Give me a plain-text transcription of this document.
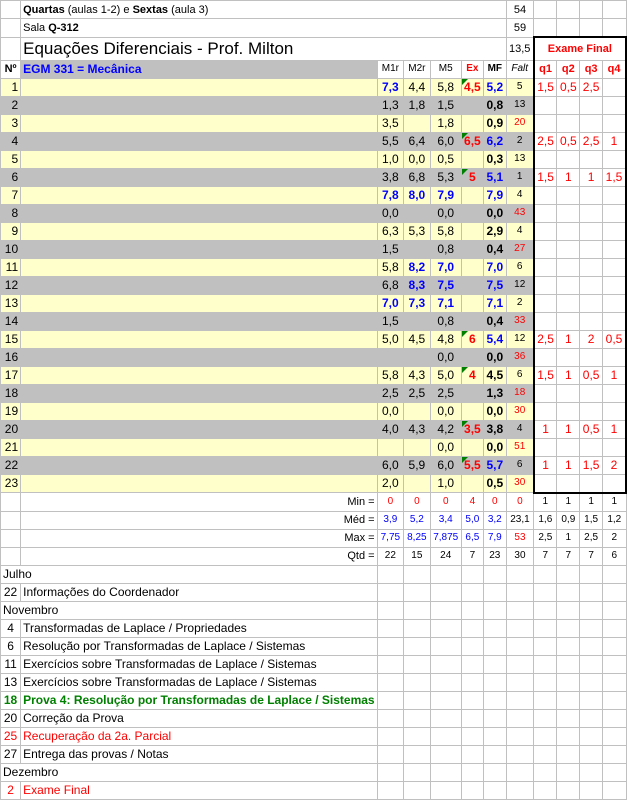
	Quartas (aulas 1-2) e Sextas (aula 3)						54				
	Sala Q-312						59				
	Equações Diferenciais - Prof. Milton						13,5	Exame Final			
Nº	EGM 331 = Mecânica	M1r	M2r	M5	Ex	MF	Falt	q1	q2	q3	q4
1		7,3	4,4	5,8	4,5	5,2	5	1,5	0,5	2,5	
2		1,3	1,8	1,5		0,8	13				
3		3,5		1,8		0,9	20				
4		5,5	6,4	6,0	6,5	6,2	2	2,5	0,5	2,5	1
5		1,0	0,0	0,5		0,3	13				
6		3,8	6,8	5,3	5	5,1	1	1,5	1	1	1,5
7		7,8	8,0	7,9		7,9	4				
8		0,0		0,0		0,0	43				
9		6,3	5,3	5,8		2,9	4				
10		1,5		0,8		0,4	27				
11		5,8	8,2	7,0		7,0	6				
12		6,8	8,3	7,5		7,5	12				
13		7,0	7,3	7,1		7,1	2				
14		1,5		0,8		0,4	33				
15		5,0	4,5	4,8	6	5,4	12	2,5	1	2	0,5
16				0,0		0,0	36				
17		5,8	4,3	5,0	4	4,5	6	1,5	1	0,5	1
18		2,5	2,5	2,5		1,3	18				
19		0,0		0,0		0,0	30				
20		4,0	4,3	4,2	3,5	3,8	4	1	1	0,5	1
21				0,0		0,0	51				
22		6,0	5,9	6,0	5,5	5,7	6	1	1	1,5	2
23		2,0		1,0		0,5	30				
	Min =	0	0	0	4	0	0	1	1	1	1
	Méd =	3,9	5,2	3,4	5,0	3,2	23,1	1,6	0,9	1,5	1,2
	Max =	7,75	8,25	7,875	6,5	7,9	53	2,5	1	2,5	2
	Qtd =	22	15	24	7	23	30	7	7	7	6
Julho											
22	Informações do Coordenador										
Novembro											
4	Transformadas de Laplace / Propriedades										
6	Resolução por Transformadas de Laplace / Sistemas										
11	Exercícios sobre Transformadas de Laplace / Sistemas										
13	Exercícios sobre Transformadas de Laplace / Sistemas										
18	Prova 4: Resolução por Transformadas de Laplace / Sistemas										
20	Correção da Prova										
25	Recuperação da 2a. Parcial										
27	Entrega das provas / Notas										
Dezembro											
2	Exame Final										
